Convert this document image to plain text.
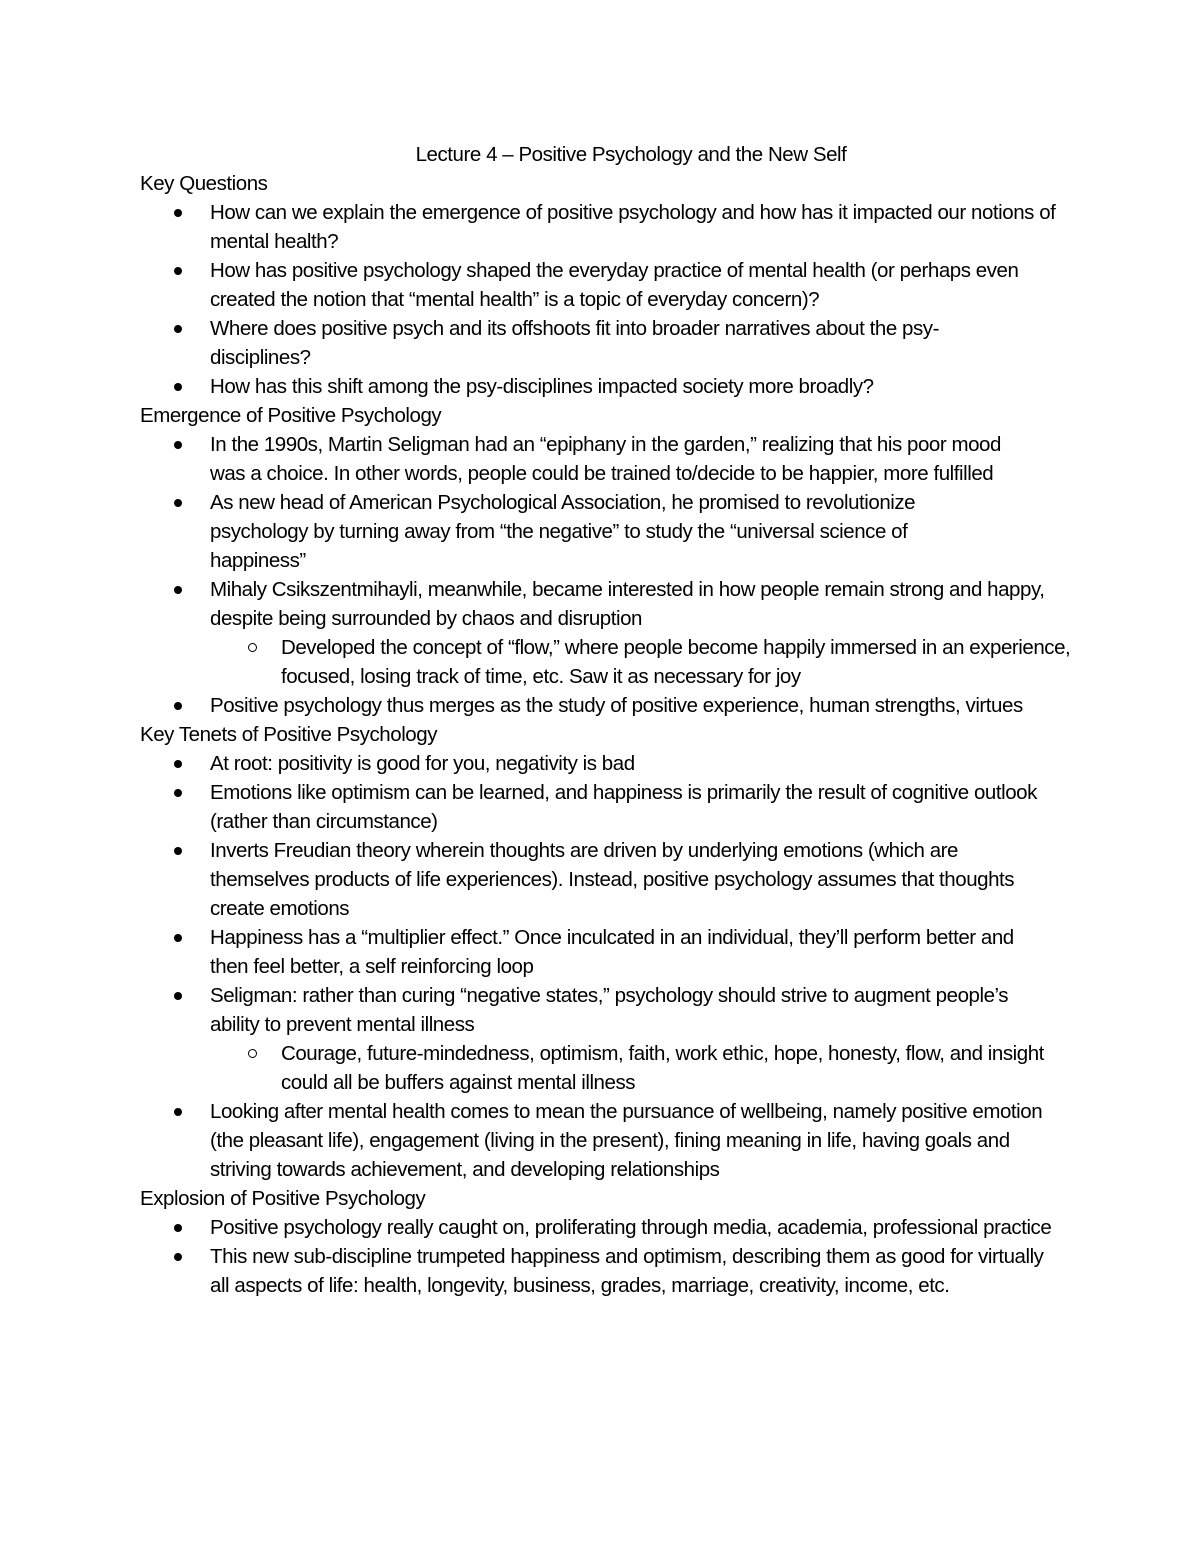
Lecture 4 – Positive Psychology and the New Self

Key Questions

How can we explain the emergence of positive psychology and how has it impacted our notions of mental health?
How has positive psychology shaped the everyday practice of mental health (or perhaps even created the notion that “mental health” is a topic of everyday concern)?
Where does positive psych and its offshoots fit into broader narratives about the psy-disciplines?
How has this shift among the psy-disciplines impacted society more broadly?

Emergence of Positive Psychology

In the 1990s, Martin Seligman had an “epiphany in the garden,” realizing that his poor mood was a choice. In other words, people could be trained to/decide to be happier, more fulfilled
As new head of American Psychological Association, he promised to revolutionize psychology by turning away from “the negative” to study the “universal science of happiness”
Mihaly Csikszentmihayli, meanwhile, became interested in how people remain strong and happy, despite being surrounded by chaos and disruption
Developed the concept of “flow,” where people become happily immersed in an experience, focused, losing track of time, etc. Saw it as necessary for joy
Positive psychology thus merges as the study of positive experience, human strengths, virtues

Key Tenets of Positive Psychology

At root: positivity is good for you, negativity is bad
Emotions like optimism can be learned, and happiness is primarily the result of cognitive outlook (rather than circumstance)
Inverts Freudian theory wherein thoughts are driven by underlying emotions (which are themselves products of life experiences). Instead, positive psychology assumes that thoughts create emotions
Happiness has a “multiplier effect.” Once inculcated in an individual, they’ll perform better and then feel better, a self reinforcing loop
Seligman: rather than curing “negative states,” psychology should strive to augment people’s ability to prevent mental illness
Courage, future-mindedness, optimism, faith, work ethic, hope, honesty, flow, and insight could all be buffers against mental illness
Looking after mental health comes to mean the pursuance of wellbeing, namely positive emotion (the pleasant life), engagement (living in the present), fining meaning in life, having goals and striving towards achievement, and developing relationships

Explosion of Positive Psychology

Positive psychology really caught on, proliferating through media, academia, professional practice
This new sub-discipline trumpeted happiness and optimism, describing them as good for virtually all aspects of life: health, longevity, business, grades, marriage, creativity, income, etc.
